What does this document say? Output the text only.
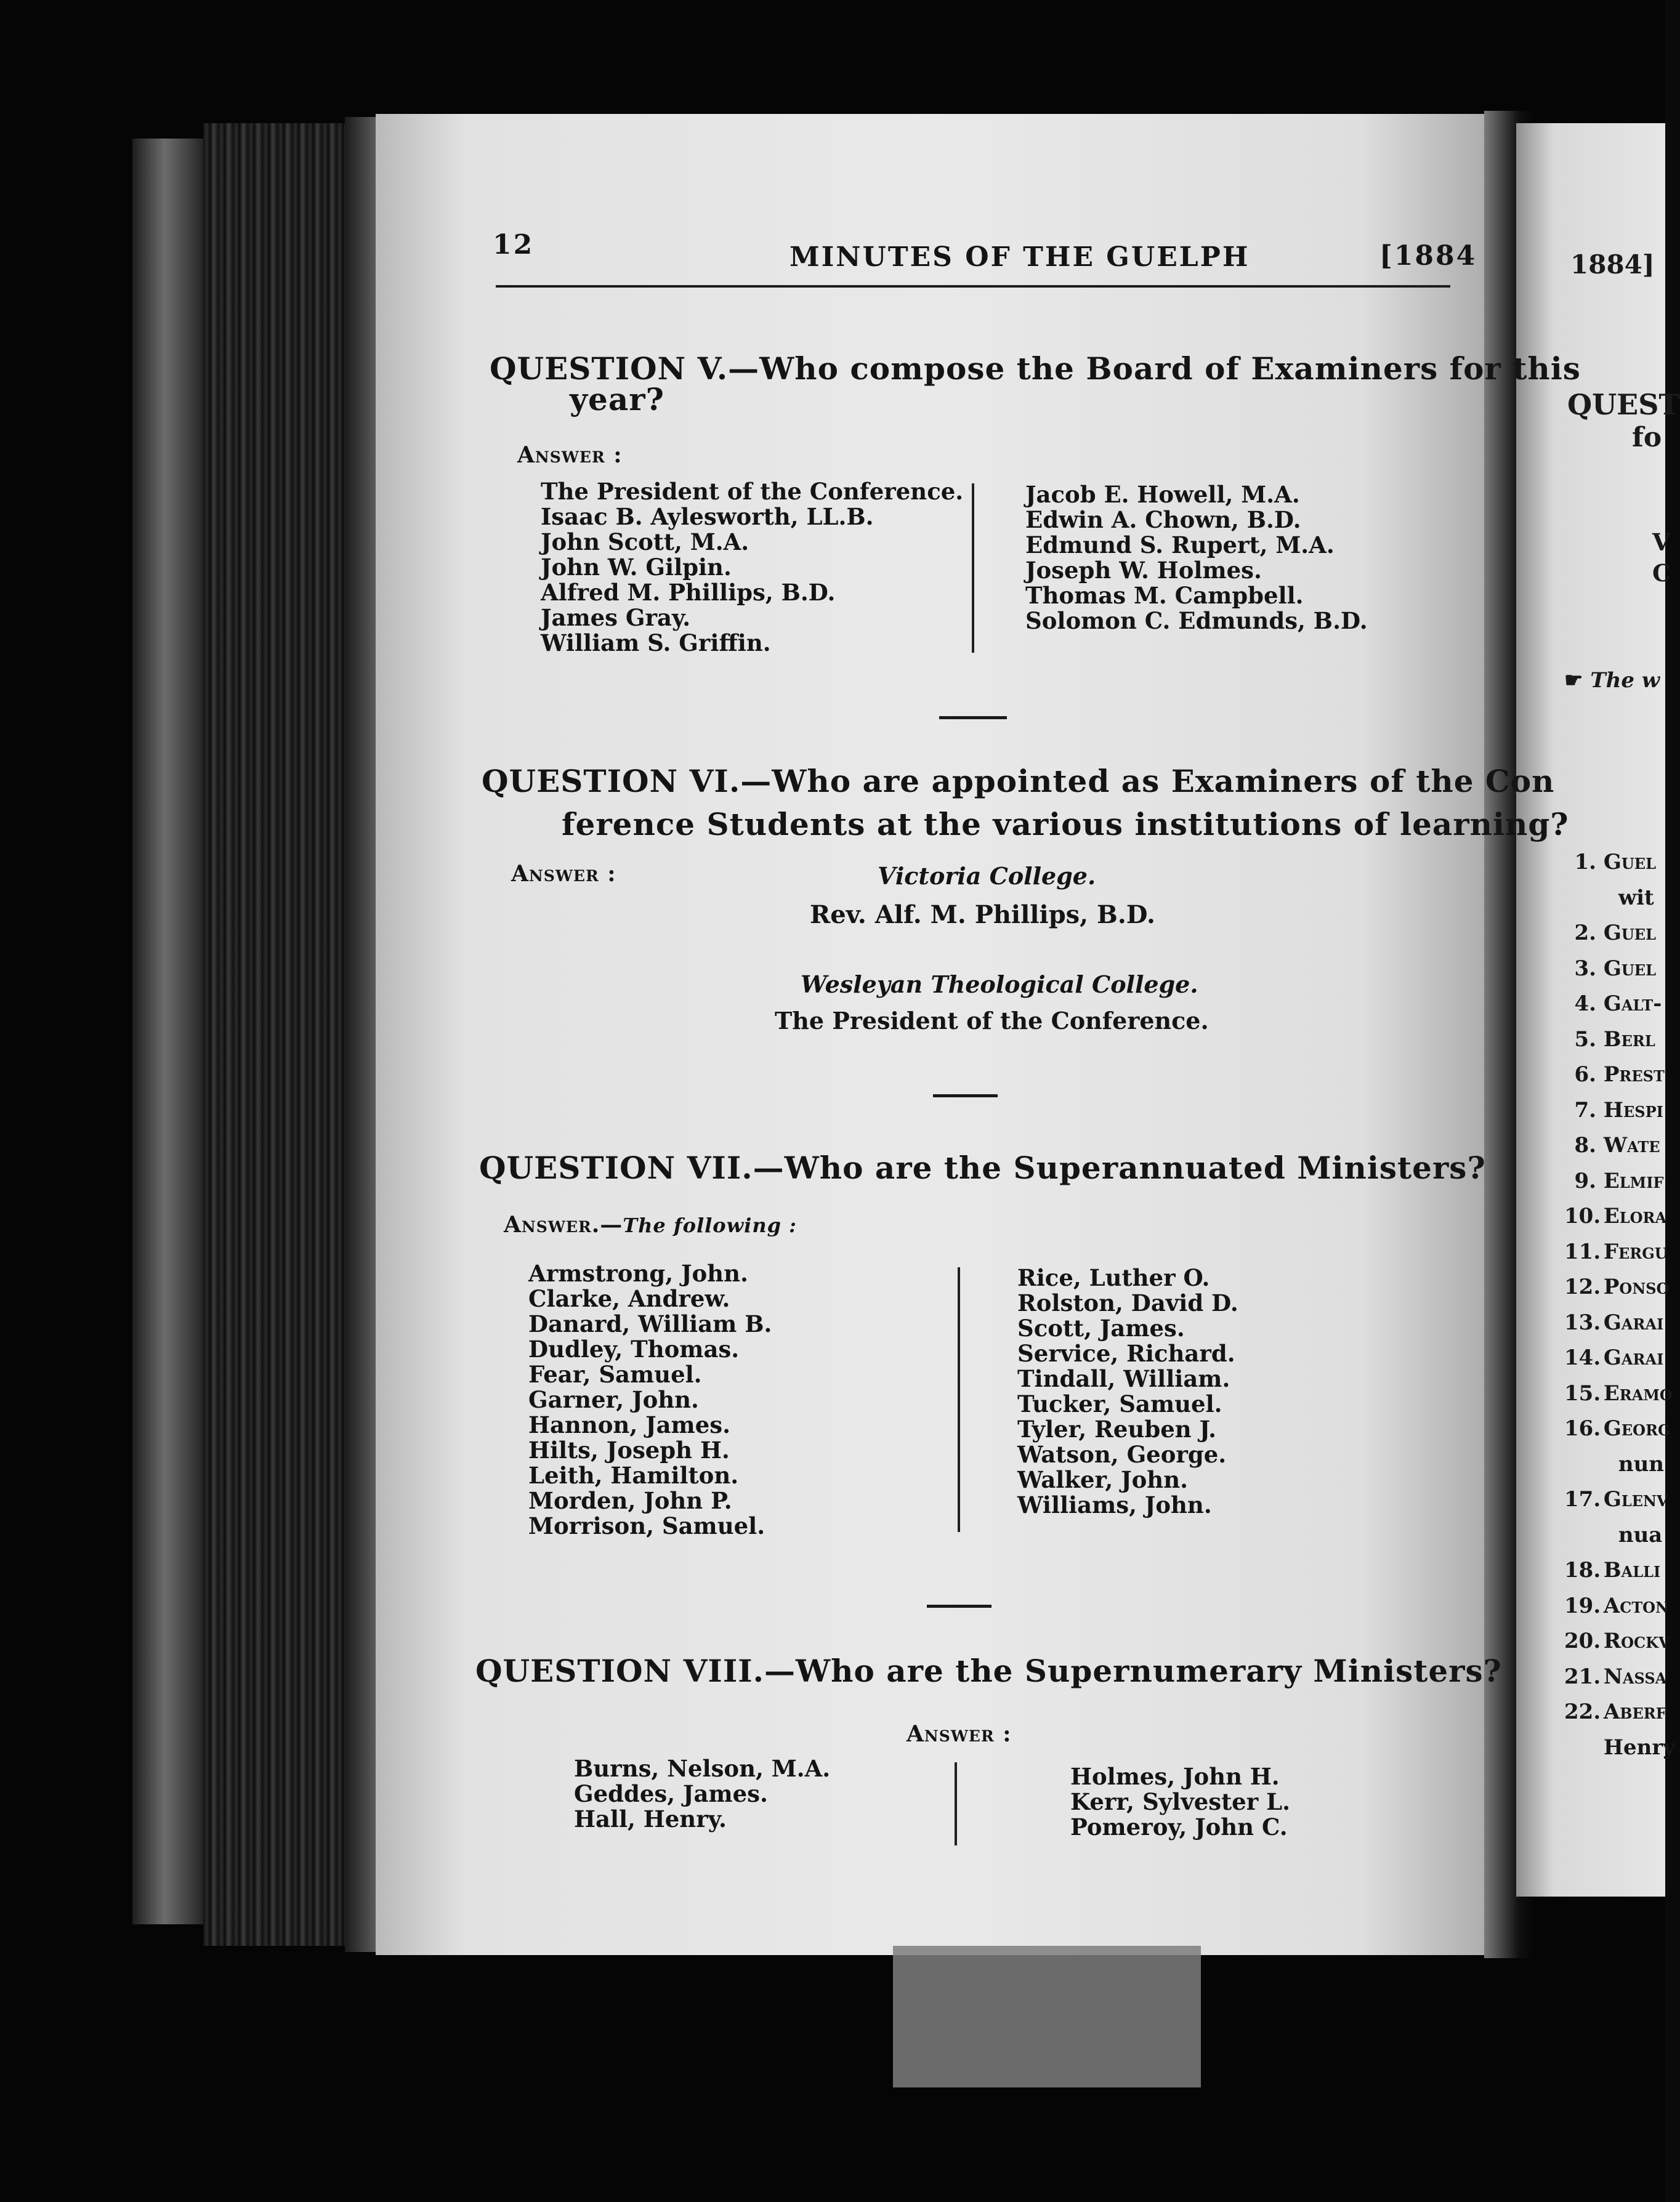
12	MINUTES OF THE GUELPH	[1884
QUESTION V.—Who compose the Board of Examiners for this
year?
Answer :
The President of the Conference.
Isaac B. Aylesworth, LL.B.
John Scott, M.A.
John W. Gilpin.
Alfred M. Phillips, B.D.
James Gray.
William S. Griffin.
Jacob E. Howell, M.A.
Edwin A. Chown, B.D.
Edmund S. Rupert, M.A.
Joseph W. Holmes.
Thomas M. Campbell.
Solomon C. Edmunds, B.D.
QUESTION VI.—Who are appointed as Examiners of the Con
ference Students at the various institutions of learning?
Answer :	Victoria College.
Rev. Alf. M. Phillips, B.D.
Wesleyan Theological College.
The President of the Conference.
QUESTION VII.—Who are the Superannuated Ministers?
Answer.—The following :
Armstrong, John.
Clarke, Andrew.
Danard, William B.
Dudley, Thomas.
Fear, Samuel.
Garner, John.
Hannon, James.
Hilts, Joseph H.
Leith, Hamilton.
Morden, John P.
Morrison, Samuel.
Rice, Luther O.
Rolston, David D.
Scott, James.
Service, Richard.
Tindall, William.
Tucker, Samuel.
Tyler, Reuben J.
Watson, George.
Walker, John.
Williams, John.
QUESTION VIII.—Who are the Supernumerary Ministers?
Answer :
Burns, Nelson, M.A.
Geddes, James.
Hall, Henry.
Holmes, John H.
Kerr, Sylvester L.
Pomeroy, John C.
1884]
QUEST
fo
V
C
☛ The w
1. Guel
wit
2. Guel
3. Guel
4. Galt-
5. Berl
6. Prest
7. Hespi
8. Wate
9. Elmif
10. Elora
11. Fergu
12. Ponso
13. Garai
14. Garai
15. Eramo
16. Georg
nun
17. Glenv
nua
18. Balli
19. Acton
20. Rockv
21. Nassa
22. Aberf
Henry
